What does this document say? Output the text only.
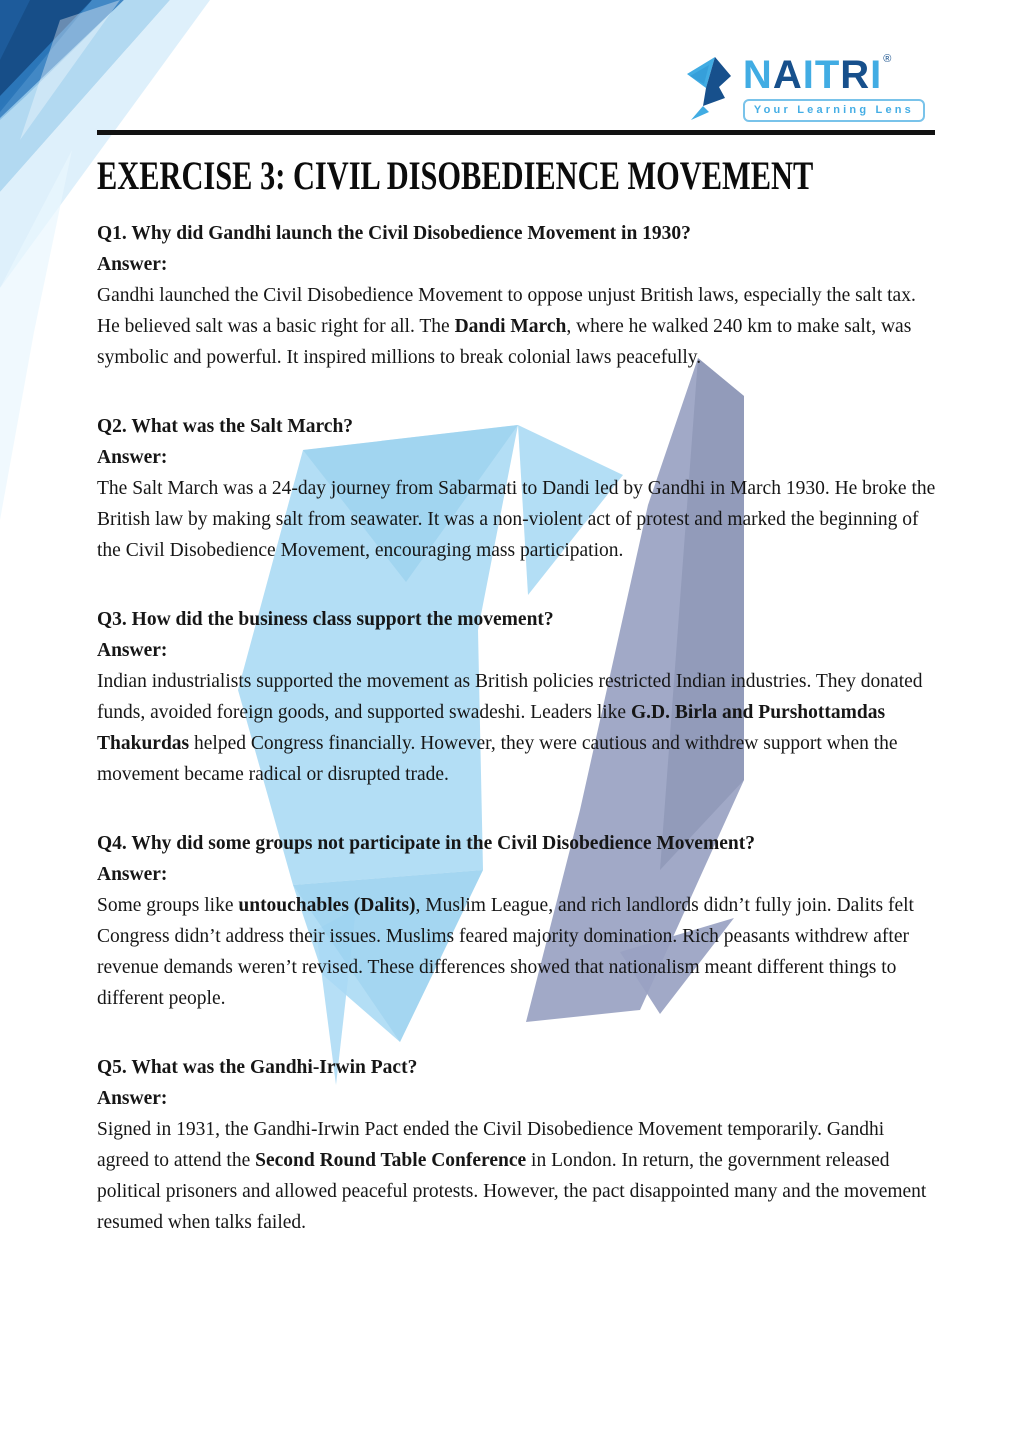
NAITRI ®
Your Learning Lens
EXERCISE 3: CIVIL DISOBEDIENCE MOVEMENT

Q1. Why did Gandhi launch the Civil Disobedience Movement in 1930?

Answer:

Gandhi launched the Civil Disobedience Movement to oppose unjust British laws, especially the salt tax. He believed salt was a basic right for all. The Dandi March, where he walked 240 km to make salt, was symbolic and powerful. It inspired millions to break colonial laws peacefully.

Q2. What was the Salt March?

Answer:

The Salt March was a 24-day journey from Sabarmati to Dandi led by Gandhi in March 1930. He broke the British law by making salt from seawater. It was a non-violent act of protest and marked the beginning of the Civil Disobedience Movement, encouraging mass participation.

Q3. How did the business class support the movement?

Answer:

Indian industrialists supported the movement as British policies restricted Indian industries. They donated funds, avoided foreign goods, and supported swadeshi. Leaders like G.D. Birla and Purshottamdas Thakurdas helped Congress financially. However, they were cautious and withdrew support when the movement became radical or disrupted trade.

Q4. Why did some groups not participate in the Civil Disobedience Movement?

Answer:

Some groups like untouchables (Dalits), Muslim League, and rich landlords didn’t fully join. Dalits felt Congress didn’t address their issues. Muslims feared majority domination. Rich peasants withdrew after revenue demands weren’t revised. These differences showed that nationalism meant different things to different people.

Q5. What was the Gandhi-Irwin Pact?

Answer:

Signed in 1931, the Gandhi-Irwin Pact ended the Civil Disobedience Movement temporarily. Gandhi agreed to attend the Second Round Table Conference in London. In return, the government released political prisoners and allowed peaceful protests. However, the pact disappointed many and the movement resumed when talks failed.
